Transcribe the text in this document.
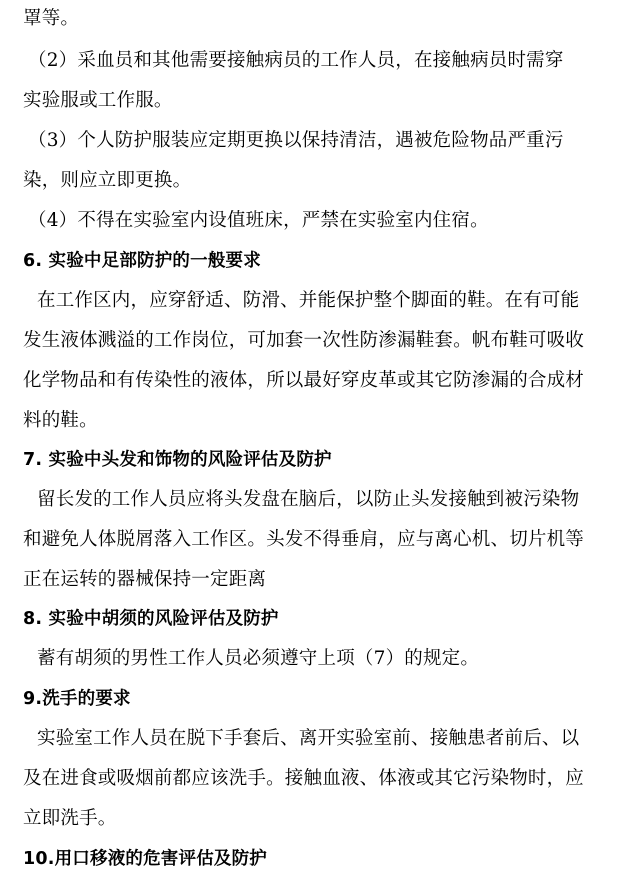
罩等。
（2）采血员和其他需要接触病员的工作人员，在接触病员时需穿
实验服或工作服。
（3）个人防护服装应定期更换以保持清洁，遇被危险物品严重污
染，则应立即更换。
（4）不得在实验室内设值班床，严禁在实验室内住宿。
6. 实验中足部防护的一般要求
在工作区内，应穿舒适、防滑、并能保护整个脚面的鞋。在有可能
发生液体溅溢的工作岗位，可加套一次性防渗漏鞋套。帆布鞋可吸收
化学物品和有传染性的液体，所以最好穿皮革或其它防渗漏的合成材
料的鞋。
7. 实验中头发和饰物的风险评估及防护
留长发的工作人员应将头发盘在脑后，以防止头发接触到被污染物
和避免人体脱屑落入工作区。头发不得垂肩，应与离心机、切片机等
正在运转的器械保持一定距离
8. 实验中胡须的风险评估及防护
蓄有胡须的男性工作人员必须遵守上项（7）的规定。
9.洗手的要求
实验室工作人员在脱下手套后、离开实验室前、接触患者前后、以
及在进食或吸烟前都应该洗手。接触血液、体液或其它污染物时，应
立即洗手。
10.用口移液的危害评估及防护
